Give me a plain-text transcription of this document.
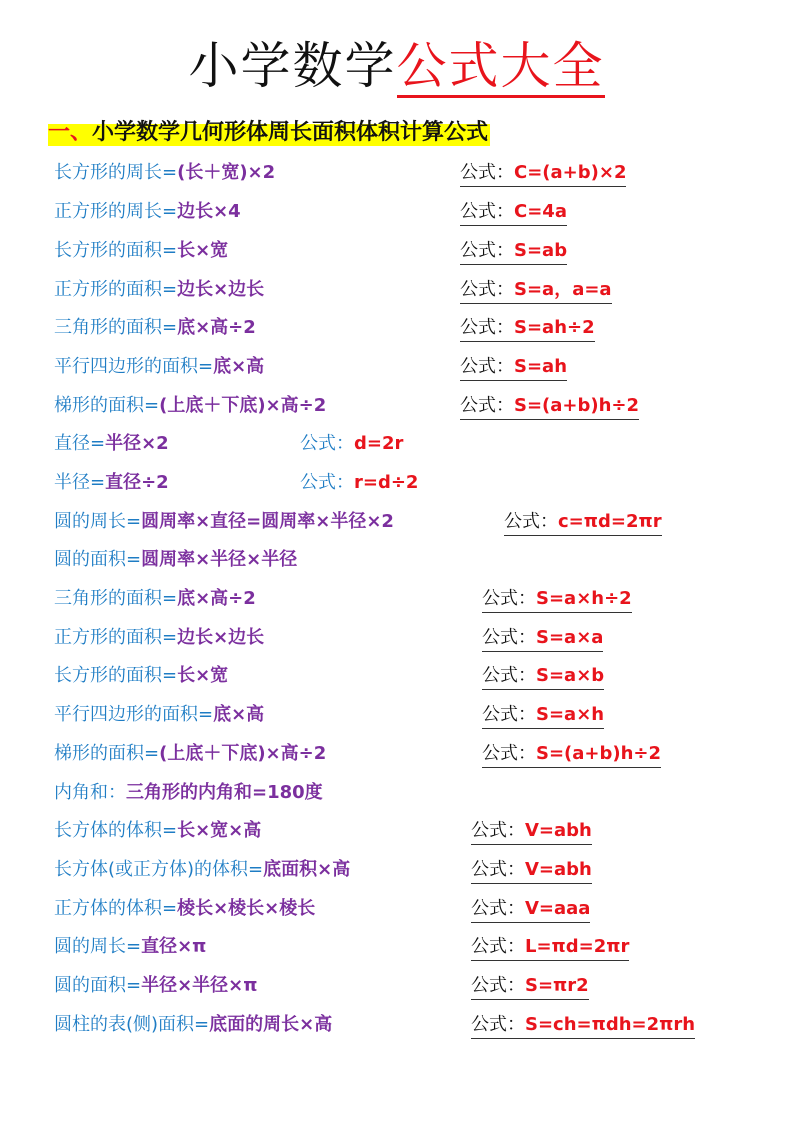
小学数学公式大全
一、小学数学几何形体周长面积体积计算公式
长方形的周长=(长＋宽)×2	公式：C=(a+b)×2
正方形的周长=边长×4	公式：C=4a
长方形的面积=长×宽	公式：S=ab
正方形的面积=边长×边长	公式：S=a，a=a
三角形的面积=底×高÷2	公式：S=ah÷2
平行四边形的面积=底×高	公式：S=ah
梯形的面积=(上底＋下底)×高÷2	公式：S=(a+b)h÷2
直径=半径×2	公式：d=2r
半径=直径÷2	公式：r=d÷2
圆的周长=圆周率×直径=圆周率×半径×2	公式：c=πd=2πr
圆的面积=圆周率×半径×半径
三角形的面积=底×高÷2	公式：S=a×h÷2
正方形的面积=边长×边长	公式：S=a×a
长方形的面积=长×宽	公式：S=a×b
平行四边形的面积=底×高	公式：S=a×h
梯形的面积=(上底＋下底)×高÷2	公式：S=(a+b)h÷2
内角和：三角形的内角和=180度
长方体的体积=长×宽×高	公式：V=abh
长方体(或正方体)的体积=底面积×高	公式：V=abh
正方体的体积=棱长×棱长×棱长	公式：V=aaa
圆的周长=直径×π	公式：L=πd=2πr
圆的面积=半径×半径×π	公式：S=πr2
圆柱的表(侧)面积=底面的周长×高	公式：S=ch=πdh=2πrh
